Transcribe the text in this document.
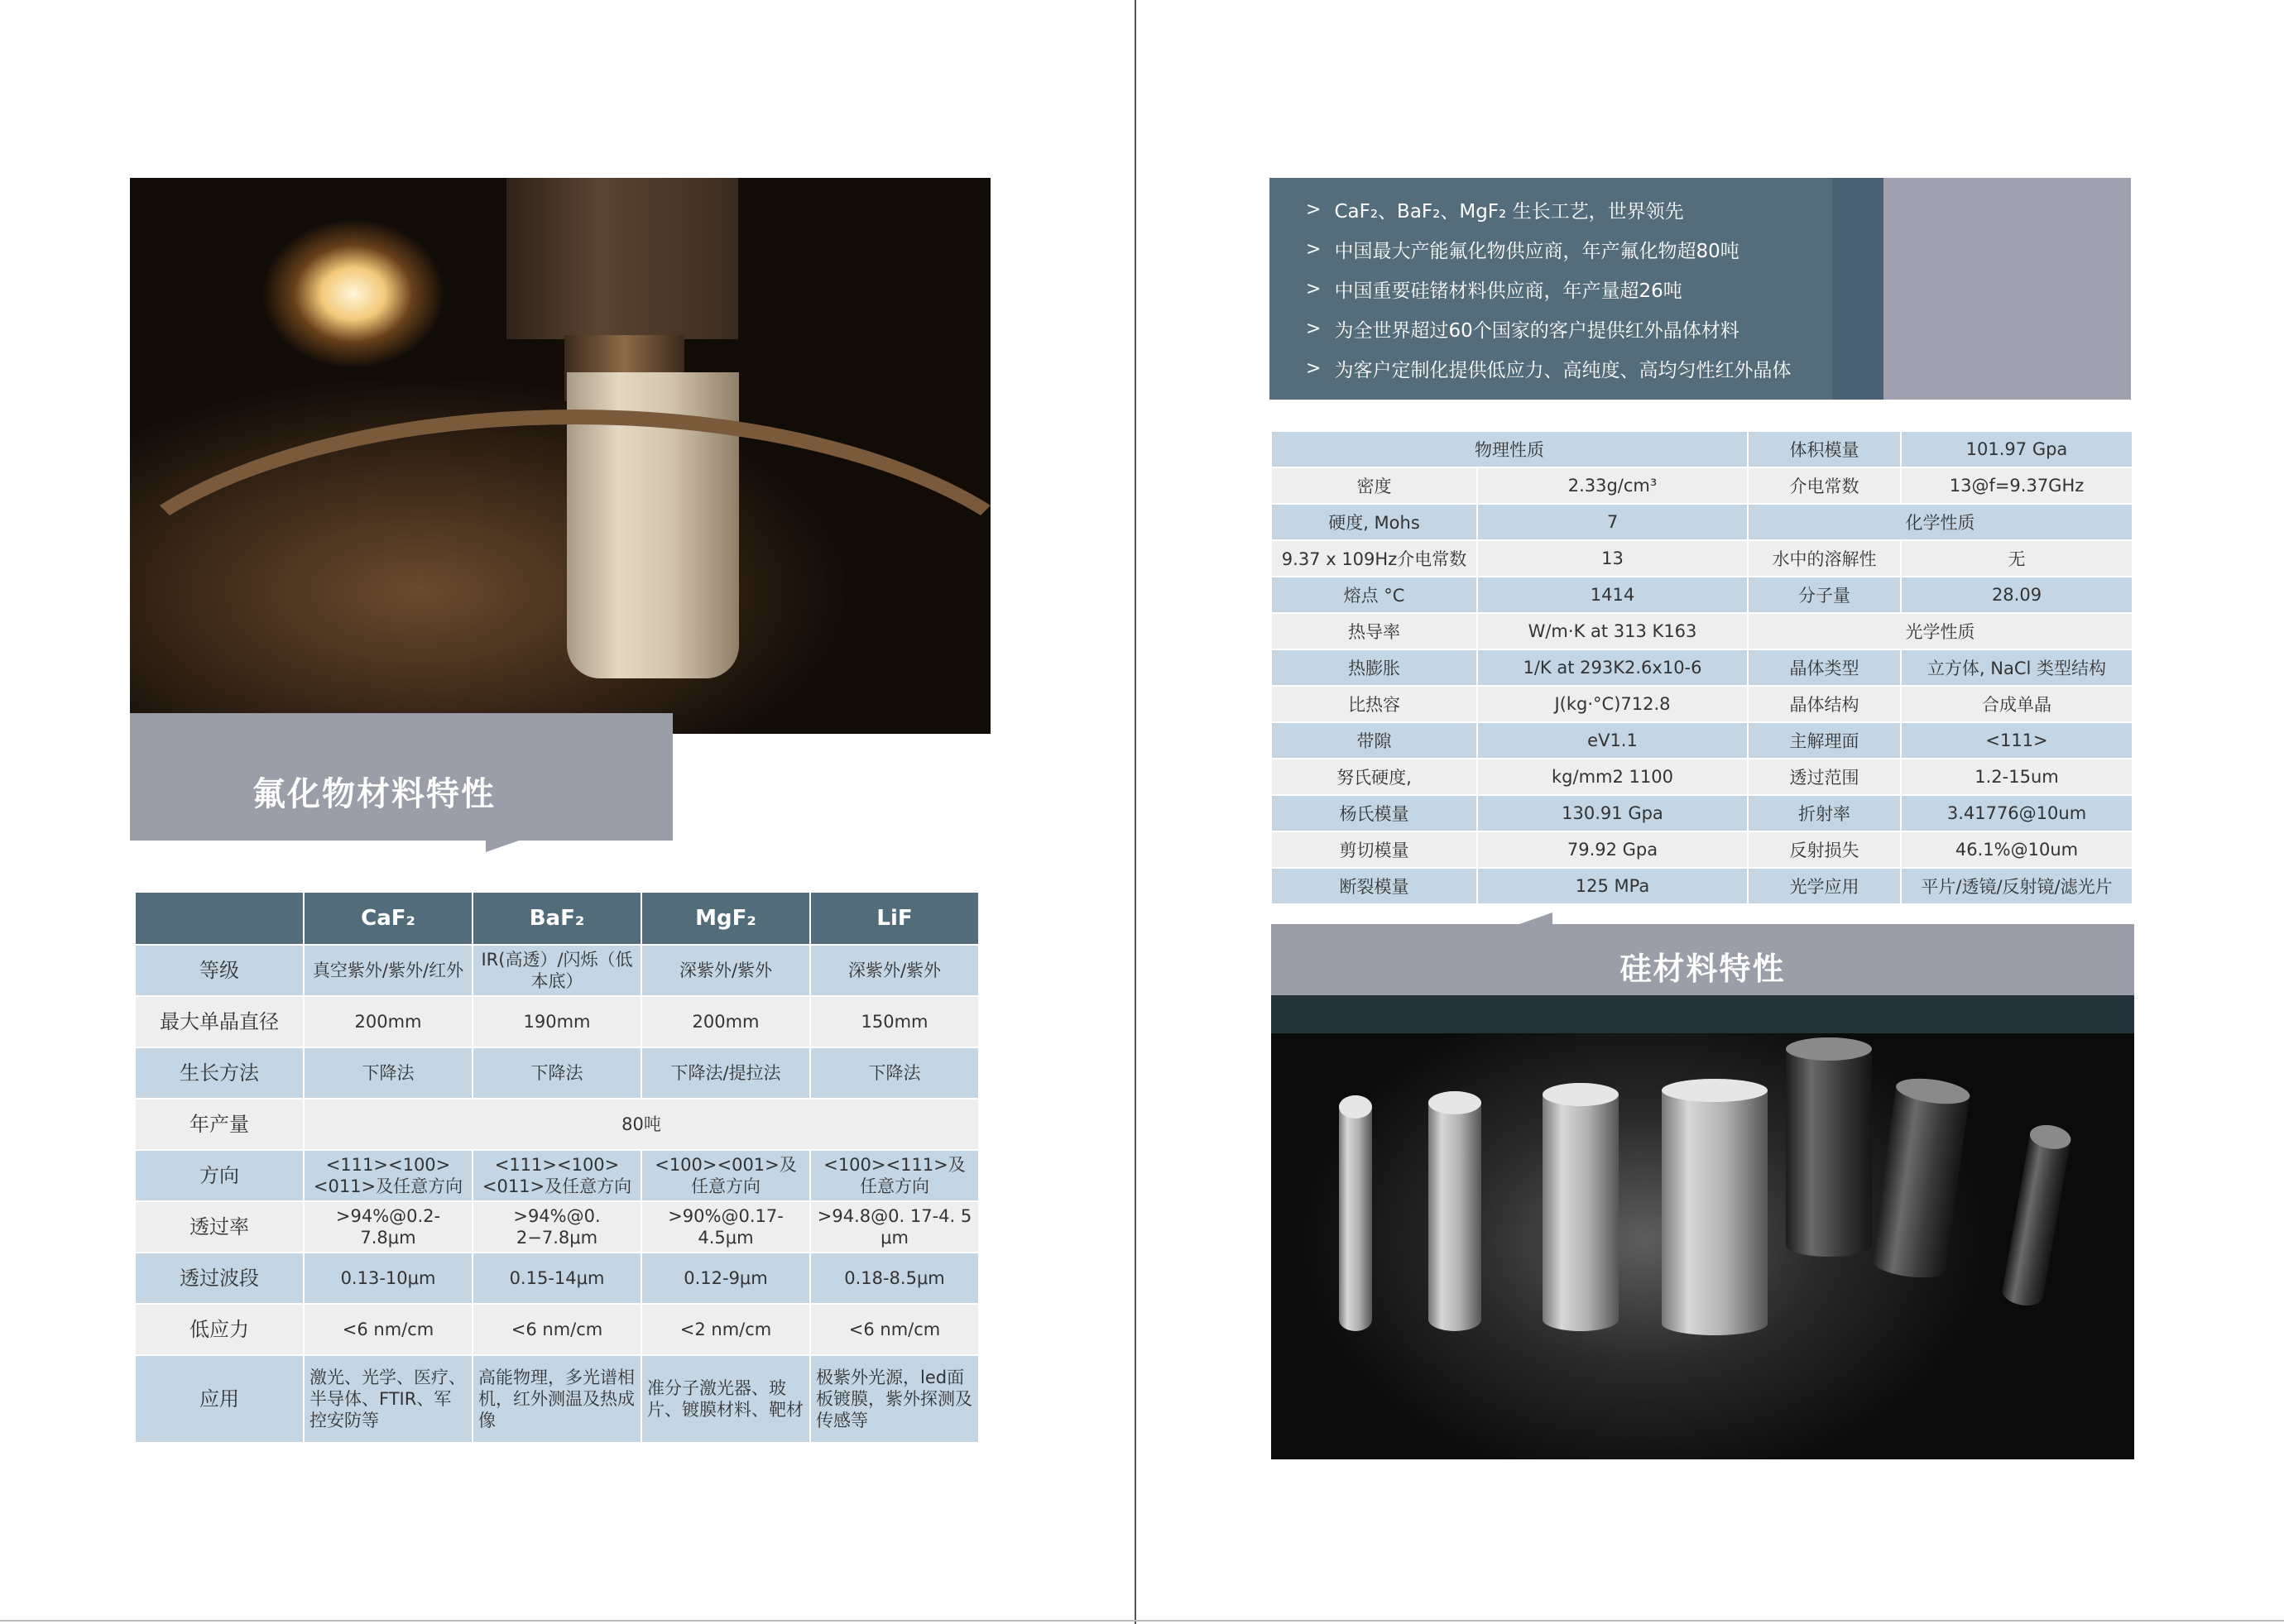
氟化物材料特性
	CaF₂	BaF₂	MgF₂	LiF
等级	真空紫外/紫外/红外	IR(高透）/闪烁（低本底）	深紫外/紫外	深紫外/紫外
最大单晶直径	200mm	190mm	200mm	150mm
生长方法	下降法	下降法	下降法/提拉法	下降法
年产量	80吨			
方向	<111><100><011>及任意方向	<111><100><011>及任意方向	<100><001>及任意方向	<100><111>及任意方向
透过率	>94%@0.2-7.8μm	>94%@0. 2−7.8μm	>90%@0.17-4.5μm	>94.8@0. 17-4. 5 μm
透过波段	0.13-10μm	0.15-14μm	0.12-9μm	0.18-8.5μm
低应力	<6 nm/cm	<6 nm/cm	<2 nm/cm	<6 nm/cm
应用	激光、光学、医疗、半导体、FTIR、军控安防等	高能物理，多光谱相机，红外测温及热成像	准分子激光器、玻片、镀膜材料、靶材	极紫外光源，led面板镀膜，紫外探测及传感等
> CaF₂、BaF₂、MgF₂ 生长工艺，世界领先
> 中国最大产能氟化物供应商，年产氟化物超80吨
> 中国重要硅锗材料供应商，年产量超26吨
> 为全世界超过60个国家的客户提供红外晶体材料
> 为客户定制化提供低应力、高纯度、高均匀性红外晶体
物理性质		体积模量	101.97 Gpa
密度	2.33g/cm³	介电常数	13@f=9.37GHz
硬度, Mohs	7	化学性质	
9.37 x 109Hz介电常数	13	水中的溶解性	无
熔点 °C	1414	分子量	28.09
热导率	W/m·K at 313 K163	光学性质	
热膨胀	1/K at 293K2.6x10-6	晶体类型	立方体, NaCl 类型结构
比热容	J(kg·°C)712.8	晶体结构	合成单晶
带隙	eV1.1	主解理面	<111>
努氏硬度,	kg/mm2 1100	透过范围	1.2-15um
杨氏模量	130.91 Gpa	折射率	3.41776@10um
剪切模量	79.92 Gpa	反射损失	46.1%@10um
断裂模量	125 MPa	光学应用	平片/透镜/反射镜/滤光片
硅材料特性
